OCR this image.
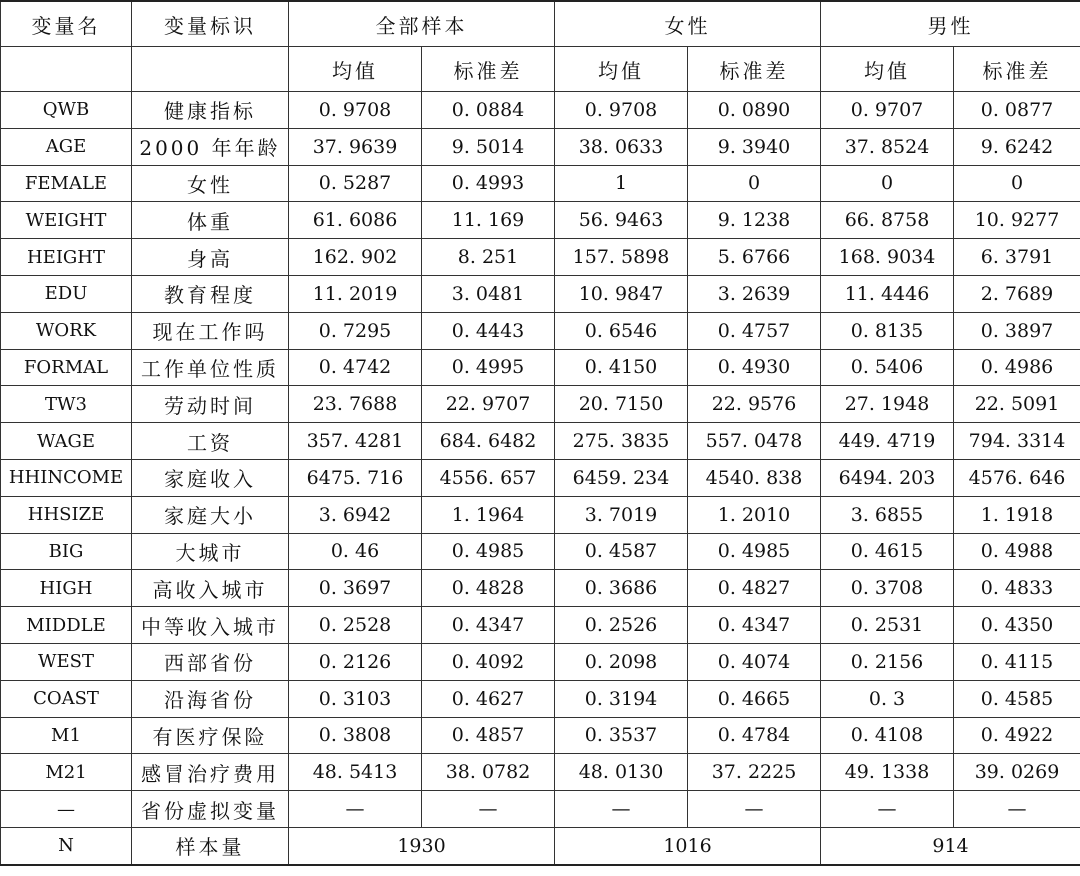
变量名	变量标识	全部样本		女性		男性	
		均值	标准差	均值	标准差	均值	标准差
QWB	健康指标	0. 9708	0. 0884	0. 9708	0. 0890	0. 9707	0. 0877
AGE	2000 年年龄	37. 9639	9. 5014	38. 0633	9. 3940	37. 8524	9. 6242
FEMALE	女性	0. 5287	0. 4993	1	0	0	0
WEIGHT	体重	61. 6086	11. 169	56. 9463	9. 1238	66. 8758	10. 9277
HEIGHT	身高	162. 902	8. 251	157. 5898	5. 6766	168. 9034	6. 3791
EDU	教育程度	11. 2019	3. 0481	10. 9847	3. 2639	11. 4446	2. 7689
WORK	现在工作吗	0. 7295	0. 4443	0. 6546	0. 4757	0. 8135	0. 3897
FORMAL	工作单位性质	0. 4742	0. 4995	0. 4150	0. 4930	0. 5406	0. 4986
TW3	劳动时间	23. 7688	22. 9707	20. 7150	22. 9576	27. 1948	22. 5091
WAGE	工资	357. 4281	684. 6482	275. 3835	557. 0478	449. 4719	794. 3314
HHINCOME	家庭收入	6475. 716	4556. 657	6459. 234	4540. 838	6494. 203	4576. 646
HHSIZE	家庭大小	3. 6942	1. 1964	3. 7019	1. 2010	3. 6855	1. 1918
BIG	大城市	0. 46	0. 4985	0. 4587	0. 4985	0. 4615	0. 4988
HIGH	高收入城市	0. 3697	0. 4828	0. 3686	0. 4827	0. 3708	0. 4833
MIDDLE	中等收入城市	0. 2528	0. 4347	0. 2526	0. 4347	0. 2531	0. 4350
WEST	西部省份	0. 2126	0. 4092	0. 2098	0. 4074	0. 2156	0. 4115
COAST	沿海省份	0. 3103	0. 4627	0. 3194	0. 4665	0. 3	0. 4585
M1	有医疗保险	0. 3808	0. 4857	0. 3537	0. 4784	0. 4108	0. 4922
M21	感冒治疗费用	48. 5413	38. 0782	48. 0130	37. 2225	49. 1338	39. 0269
—	省份虚拟变量	—	—	—	—	—	—
N	样本量	1930		1016		914	
